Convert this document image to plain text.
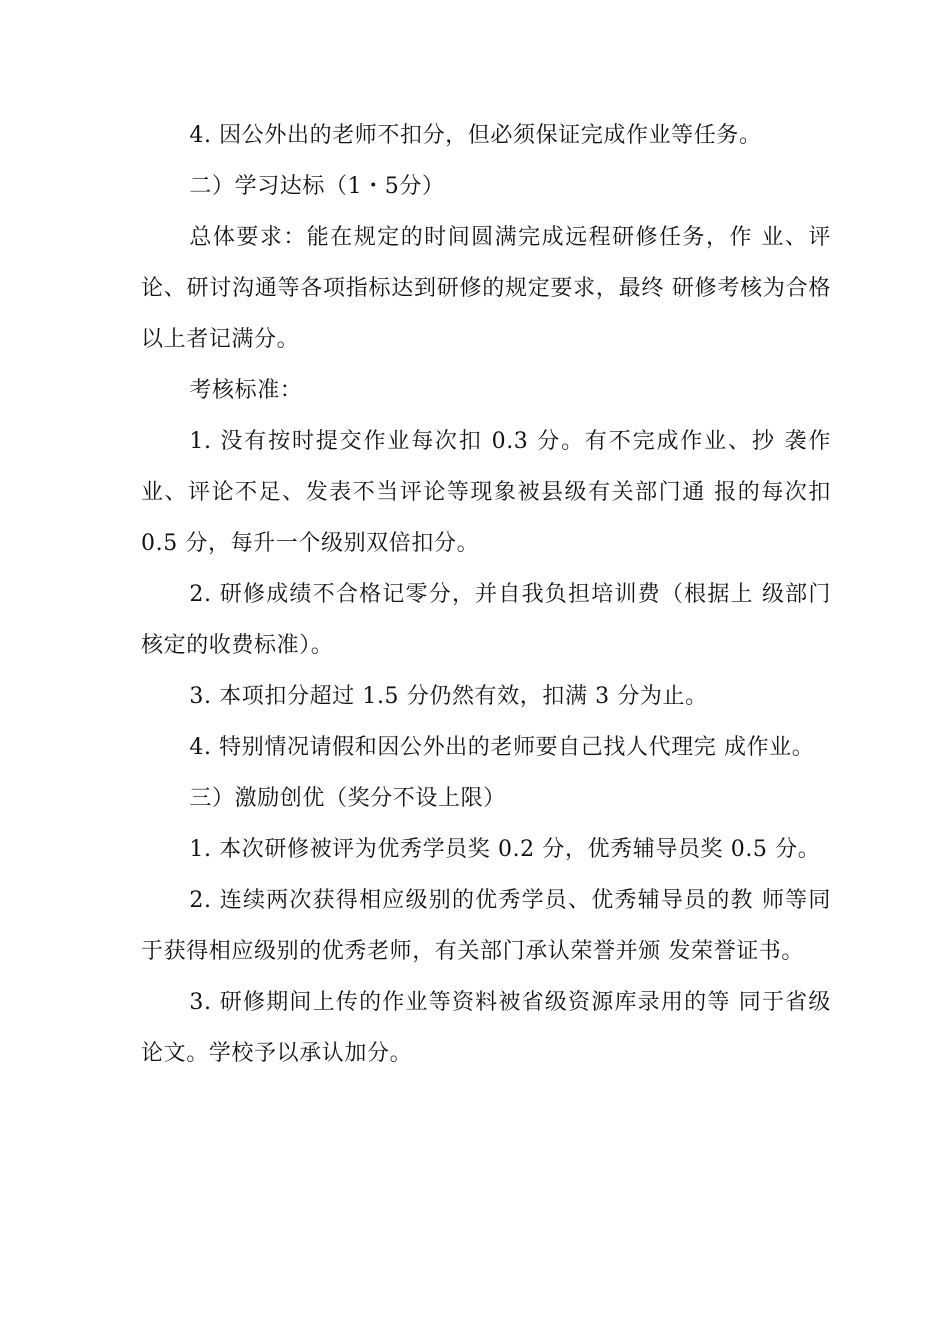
4. 因公外出的老师不扣分，但必须保证完成作业等任务。

二）学习达标（1・5分）

总体要求：能在规定的时间圆满完成远程研修任务，作 业、评论、研讨沟通等各项指标达到研修的规定要求，最终 研修考核为合格以上者记满分。

考核标准：

1. 没有按时提交作业每次扣 0.3 分。有不完成作业、抄 袭作业、评论不足、发表不当评论等现象被县级有关部门通 报的每次扣 0.5 分，每升一个级别双倍扣分。

2. 研修成绩不合格记零分，并自我负担培训费（根据上 级部门核定的收费标准）。

3. 本项扣分超过 1.5 分仍然有效，扣满 3 分为止。

4. 特别情况请假和因公外出的老师要自己找人代理完 成作业。

三）激励创优（奖分不设上限）

1. 本次研修被评为优秀学员奖 0.2 分，优秀辅导员奖 0.5 分。

2. 连续两次获得相应级别的优秀学员、优秀辅导员的教 师等同于获得相应级别的优秀老师，有关部门承认荣誉并颁 发荣誉证书。

3. 研修期间上传的作业等资料被省级资源库录用的等 同于省级论文。学校予以承认加分。
